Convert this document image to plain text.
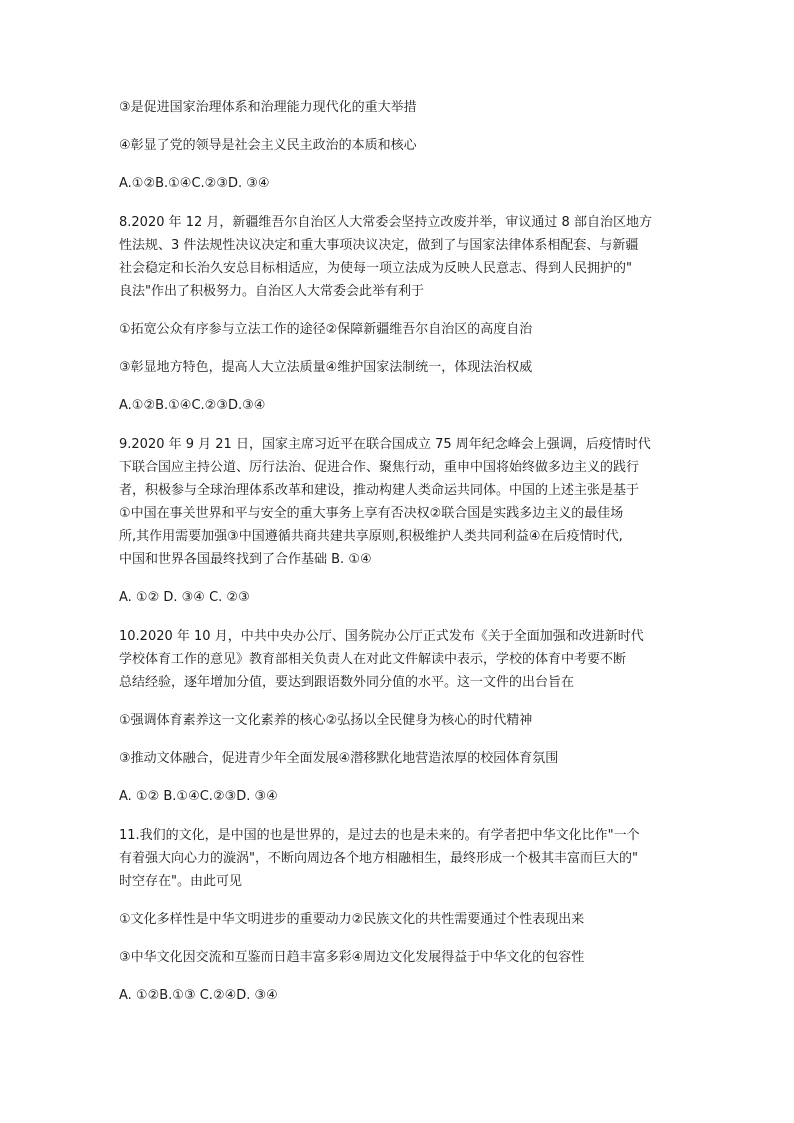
③是促进国家治理体系和治理能力现代化的重大举措

④彰显了党的领导是社会主义民主政治的本质和核心

A.①②B.①④C.②③D. ③④

8.2020 年 12 月，新疆维吾尔自治区人大常委会坚持立改废并举，审议通过 8 部自治区地方

性法规、3 件法规性决议决定和重大事项决议决定，做到了与国家法律体系相配套、与新疆

社会稳定和长治久安总目标相适应，为使每一项立法成为反映人民意志、得到人民拥护的"

良法"作出了积极努力。自治区人大常委会此举有利于

①拓宽公众有序参与立法工作的途径②保障新疆维吾尔自治区的高度自治

③彰显地方特色，提高人大立法质量④维护国家法制统一，体现法治权威

A.①②B.①④C.②③D.③④

9.2020 年 9 月 21 日，国家主席习近平在联合国成立 75 周年纪念峰会上强调，后疫情时代

下联合国应主持公道、厉行法治、促进合作、聚焦行动，重申中国将始终做多边主义的践行

者，积极参与全球治理体系改革和建设，推动构建人类命运共同体。中国的上述主张是基于

①中国在事关世界和平与安全的重大事务上享有否决权②联合国是实践多边主义的最佳场

所,其作用需要加强③中国遵循共商共建共享原则,积极维护人类共同利益④在后疫情时代,

中国和世界各国最终找到了合作基础 B. ①④

A. ①② D. ③④ C. ②③

10.2020 年 10 月，中共中央办公厅、国务院办公厅正式发布《关于全面加强和改进新时代

学校体育工作的意见》教育部相关负责人在对此文件解读中表示，学校的体育中考要不断

总结经验，逐年增加分值，要达到跟语数外同分值的水平。这一文件的出台旨在

①强调体育素养这一文化素养的核心②弘扬以全民健身为核心的时代精神

③推动文体融合，促进青少年全面发展④潜移默化地营造浓厚的校园体育氛围

A. ①② B.①④C.②③D. ③④

11.我们的文化，是中国的也是世界的，是过去的也是未来的。有学者把中华文化比作"一个

有着强大向心力的漩涡"，不断向周边各个地方相融相生，最终形成一个极其丰富而巨大的"

时空存在"。由此可见

①文化多样性是中华文明进步的重要动力②民族文化的共性需要通过个性表现出来

③中华文化因交流和互鉴而日趋丰富多彩④周边文化发展得益于中华文化的包容性

A. ①②B.①③ C.②④D. ③④
